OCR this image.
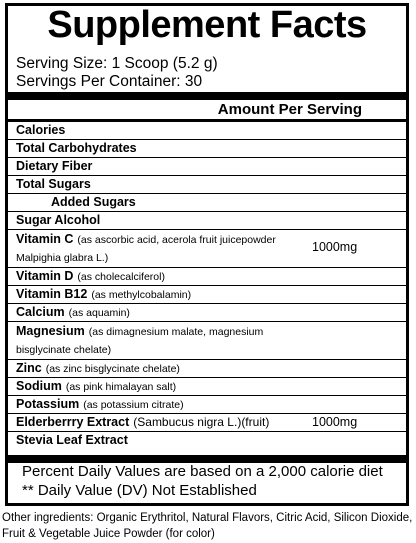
Supplement Facts
Serving Size: 1 Scoop (5.2 g)
Servings Per Container: 30
Amount Per Serving
Calories
Total Carbohydrates
Dietary Fiber
Total Sugars
Added Sugars
Sugar Alcohol
Vitamin C (as ascorbic acid, acerola fruit juicepowder
Malpighia glabra L.)
1000mg
Vitamin D (as cholecalciferol)
Vitamin B12 (as methylcobalamin)
Calcium (as aquamin)
Magnesium (as dimagnesium malate, magnesium
bisglycinate chelate)
Zinc (as zinc bisglycinate chelate)
Sodium (as pink himalayan salt)
Potassium (as potassium citrate)
Elderberrry Extract (Sambucus nigra L.)(fruit)	1000mg
Stevia Leaf Extract
Percent Daily Values are based on a 2,000 calorie diet
** Daily Value (DV) Not Established
Other ingredients: Organic Erythritol, Natural Flavors, Citric Acid, Silicon Dioxide, Fruit & Vegetable Juice Powder (for color)
